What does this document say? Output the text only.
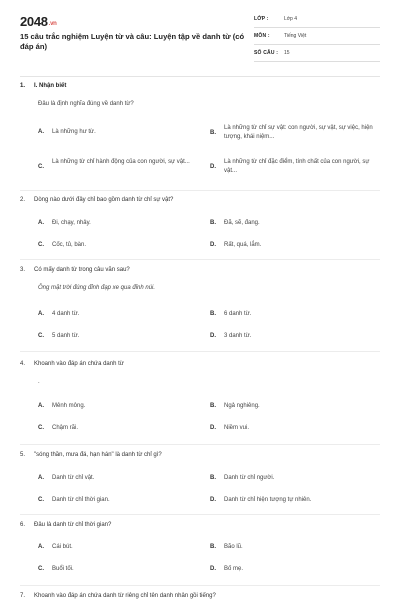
2048.vn
15 câu trắc nghiệm Luyện từ và câu: Luyện tập về danh từ (có đáp án)
LỚP :	Lớp 4
MÔN :	Tiếng Việt
SỐ CÂU : 15
1. I. Nhận biết
Đâu là định nghĩa đúng về danh từ?
A. Là những hư từ.	B.
Là những từ chỉ sự vật: con người, sự vật, sự việc, hiện tượng, khái niệm...
C.
Là những từ chỉ hành động của con người, sự vật...
D.
Là những từ chỉ đặc điểm, tính chất của con người, sự vật...
2. Dòng nào dưới đây chỉ bao gồm danh từ chỉ sự vật?
A. Đi, chạy, nhảy.	B. Đã, sẽ, đang.
C. Cốc, tủ, bàn.	D. Rất, quá, lắm.
3. Có mấy danh từ trong câu văn sau?
Ông mặt trời đúng đỉnh đạp xe qua đỉnh núi.
A. 4 danh từ.	B. 6 danh từ.
C. 5 danh từ.	D. 3 danh từ.
4. Khoanh vào đáp án chứa danh từ
.
A. Mênh mông.	B. Ngả nghiêng.
C. Chậm rãi.	D. Niềm vui.
5. "sóng thần, mưa đá, hạn hán" là danh từ chỉ gì?
A. Danh từ chỉ vật.	B. Danh từ chỉ người.
C. Danh từ chỉ thời gian.	D. Danh từ chỉ hiện tượng tự nhiên.
6. Đâu là danh từ chỉ thời gian?
A. Cái bút.	B. Bão lũ.
C. Buổi tối.	D. Bố mẹ.
7. Khoanh vào đáp án chứa danh từ riêng chỉ tên danh nhân gồi tiếng?
